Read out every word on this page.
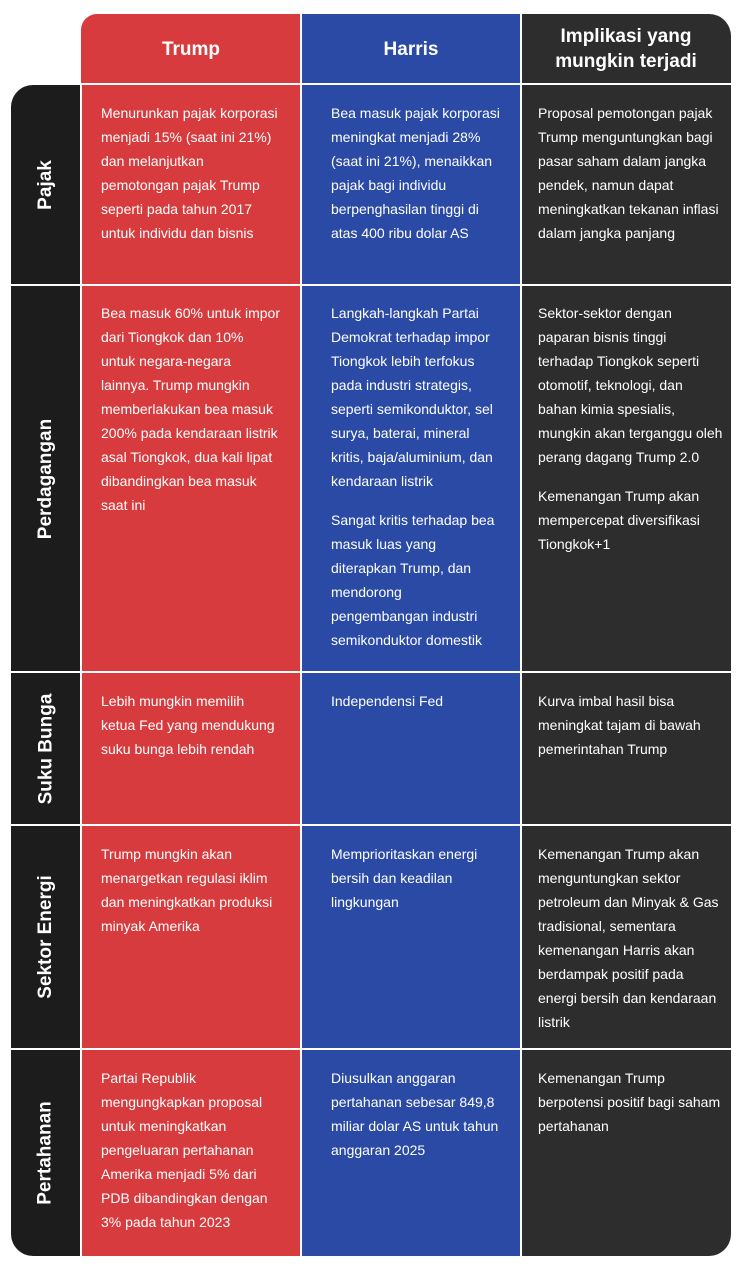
Trump	Harris
Implikasi yang mungkin terjadi
Pajak
Perdagangan
Suku Bunga
Sektor Energi
Pertahanan

Menurunkan pajak korporasi menjadi 15% (saat ini 21%) dan melanjutkan pemotongan pajak Trump seperti pada tahun 2017 untuk individu dan bisnis

Bea masuk pajak korporasi meningkat menjadi 28% (saat ini 21%), menaikkan pajak bagi individu berpenghasilan tinggi di atas 400 ribu dolar AS

Proposal pemotongan pajak Trump menguntungkan bagi pasar saham dalam jangka pendek, namun dapat meningkatkan tekanan inflasi dalam jangka panjang

Bea masuk 60% untuk impor dari Tiongkok dan 10% untuk negara-negara lainnya. Trump mungkin memberlakukan bea masuk 200% pada kendaraan listrik asal Tiongkok, dua kali lipat dibandingkan bea masuk saat ini

Langkah-langkah Partai Demokrat terhadap impor Tiongkok lebih terfokus pada industri strategis, seperti semikonduktor, sel surya, baterai, mineral kritis, baja/aluminium, dan kendaraan listrik

Sangat kritis terhadap bea masuk luas yang diterapkan Trump, dan mendorong pengembangan industri semikonduktor domestik

Sektor-sektor dengan paparan bisnis tinggi terhadap Tiongkok seperti otomotif, teknologi, dan bahan kimia spesialis, mungkin akan terganggu oleh perang dagang Trump 2.0

Kemenangan Trump akan mempercepat diversifikasi Tiongkok+1

Lebih mungkin memilih ketua Fed yang mendukung suku bunga lebih rendah

Independensi Fed	Kurva imbal hasil bisa meningkat tajam di bawah pemerintahan Trump

Trump mungkin akan menargetkan regulasi iklim dan meningkatkan produksi minyak Amerika

Memprioritaskan energi bersih dan keadilan lingkungan

Kemenangan Trump akan menguntungkan sektor petroleum dan Minyak & Gas tradisional, sementara kemenangan Harris akan berdampak positif pada energi bersih dan kendaraan listrik

Partai Republik mengungkapkan proposal untuk meningkatkan pengeluaran pertahanan Amerika menjadi 5% dari PDB dibandingkan dengan 3% pada tahun 2023

Diusulkan anggaran pertahanan sebesar 849,8 miliar dolar AS untuk tahun anggaran 2025

Kemenangan Trump berpotensi positif bagi saham pertahanan
